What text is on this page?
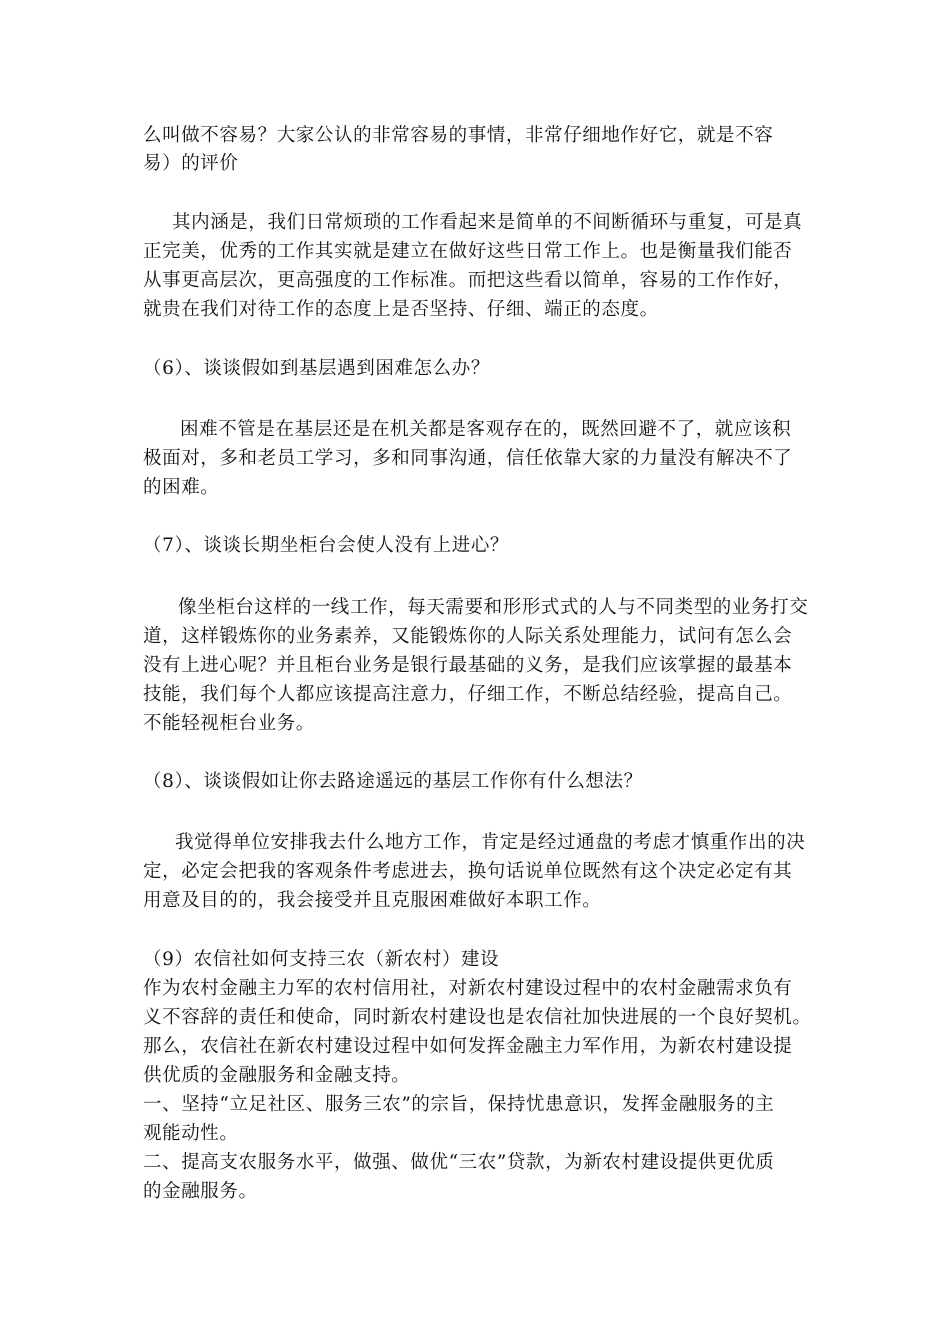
么叫做不容易？大家公认的非常容易的事情，非常仔细地作好它，就是不容
易）的评价
其内涵是，我们日常烦琐的工作看起来是简单的不间断循环与重复，可是真
正完美，优秀的工作其实就是建立在做好这些日常工作上。也是衡量我们能否
从事更高层次，更高强度的工作标准。而把这些看以简单，容易的工作作好，
就贵在我们对待工作的态度上是否坚持、仔细、端正的态度。
（6）、谈谈假如到基层遇到困难怎么办？
困难不管是在基层还是在机关都是客观存在的，既然回避不了，就应该积
极面对，多和老员工学习，多和同事沟通，信任依靠大家的力量没有解决不了
的困难。
（7）、谈谈长期坐柜台会使人没有上进心？
像坐柜台这样的一线工作，每天需要和形形式式的人与不同类型的业务打交
道，这样锻炼你的业务素养，又能锻炼你的人际关系处理能力，试问有怎么会
没有上进心呢？并且柜台业务是银行最基础的义务，是我们应该掌握的最基本
技能，我们每个人都应该提高注意力，仔细工作，不断总结经验，提高自己。
不能轻视柜台业务。
（8）、谈谈假如让你去路途遥远的基层工作你有什么想法？
我觉得单位安排我去什么地方工作，肯定是经过通盘的考虑才慎重作出的决
定，必定会把我的客观条件考虑进去，换句话说单位既然有这个决定必定有其
用意及目的的，我会接受并且克服困难做好本职工作。
（9）农信社如何支持三农（新农村）建设
作为农村金融主力军的农村信用社，对新农村建设过程中的农村金融需求负有
义不容辞的责任和使命，同时新农村建设也是农信社加快进展的一个良好契机。
那么，农信社在新农村建设过程中如何发挥金融主力军作用，为新农村建设提
供优质的金融服务和金融支持。
一、坚持“立足社区、服务三农”的宗旨，保持忧患意识，发挥金融服务的主
观能动性。
二、提高支农服务水平，做强、做优“三农”贷款，为新农村建设提供更优质
的金融服务。
